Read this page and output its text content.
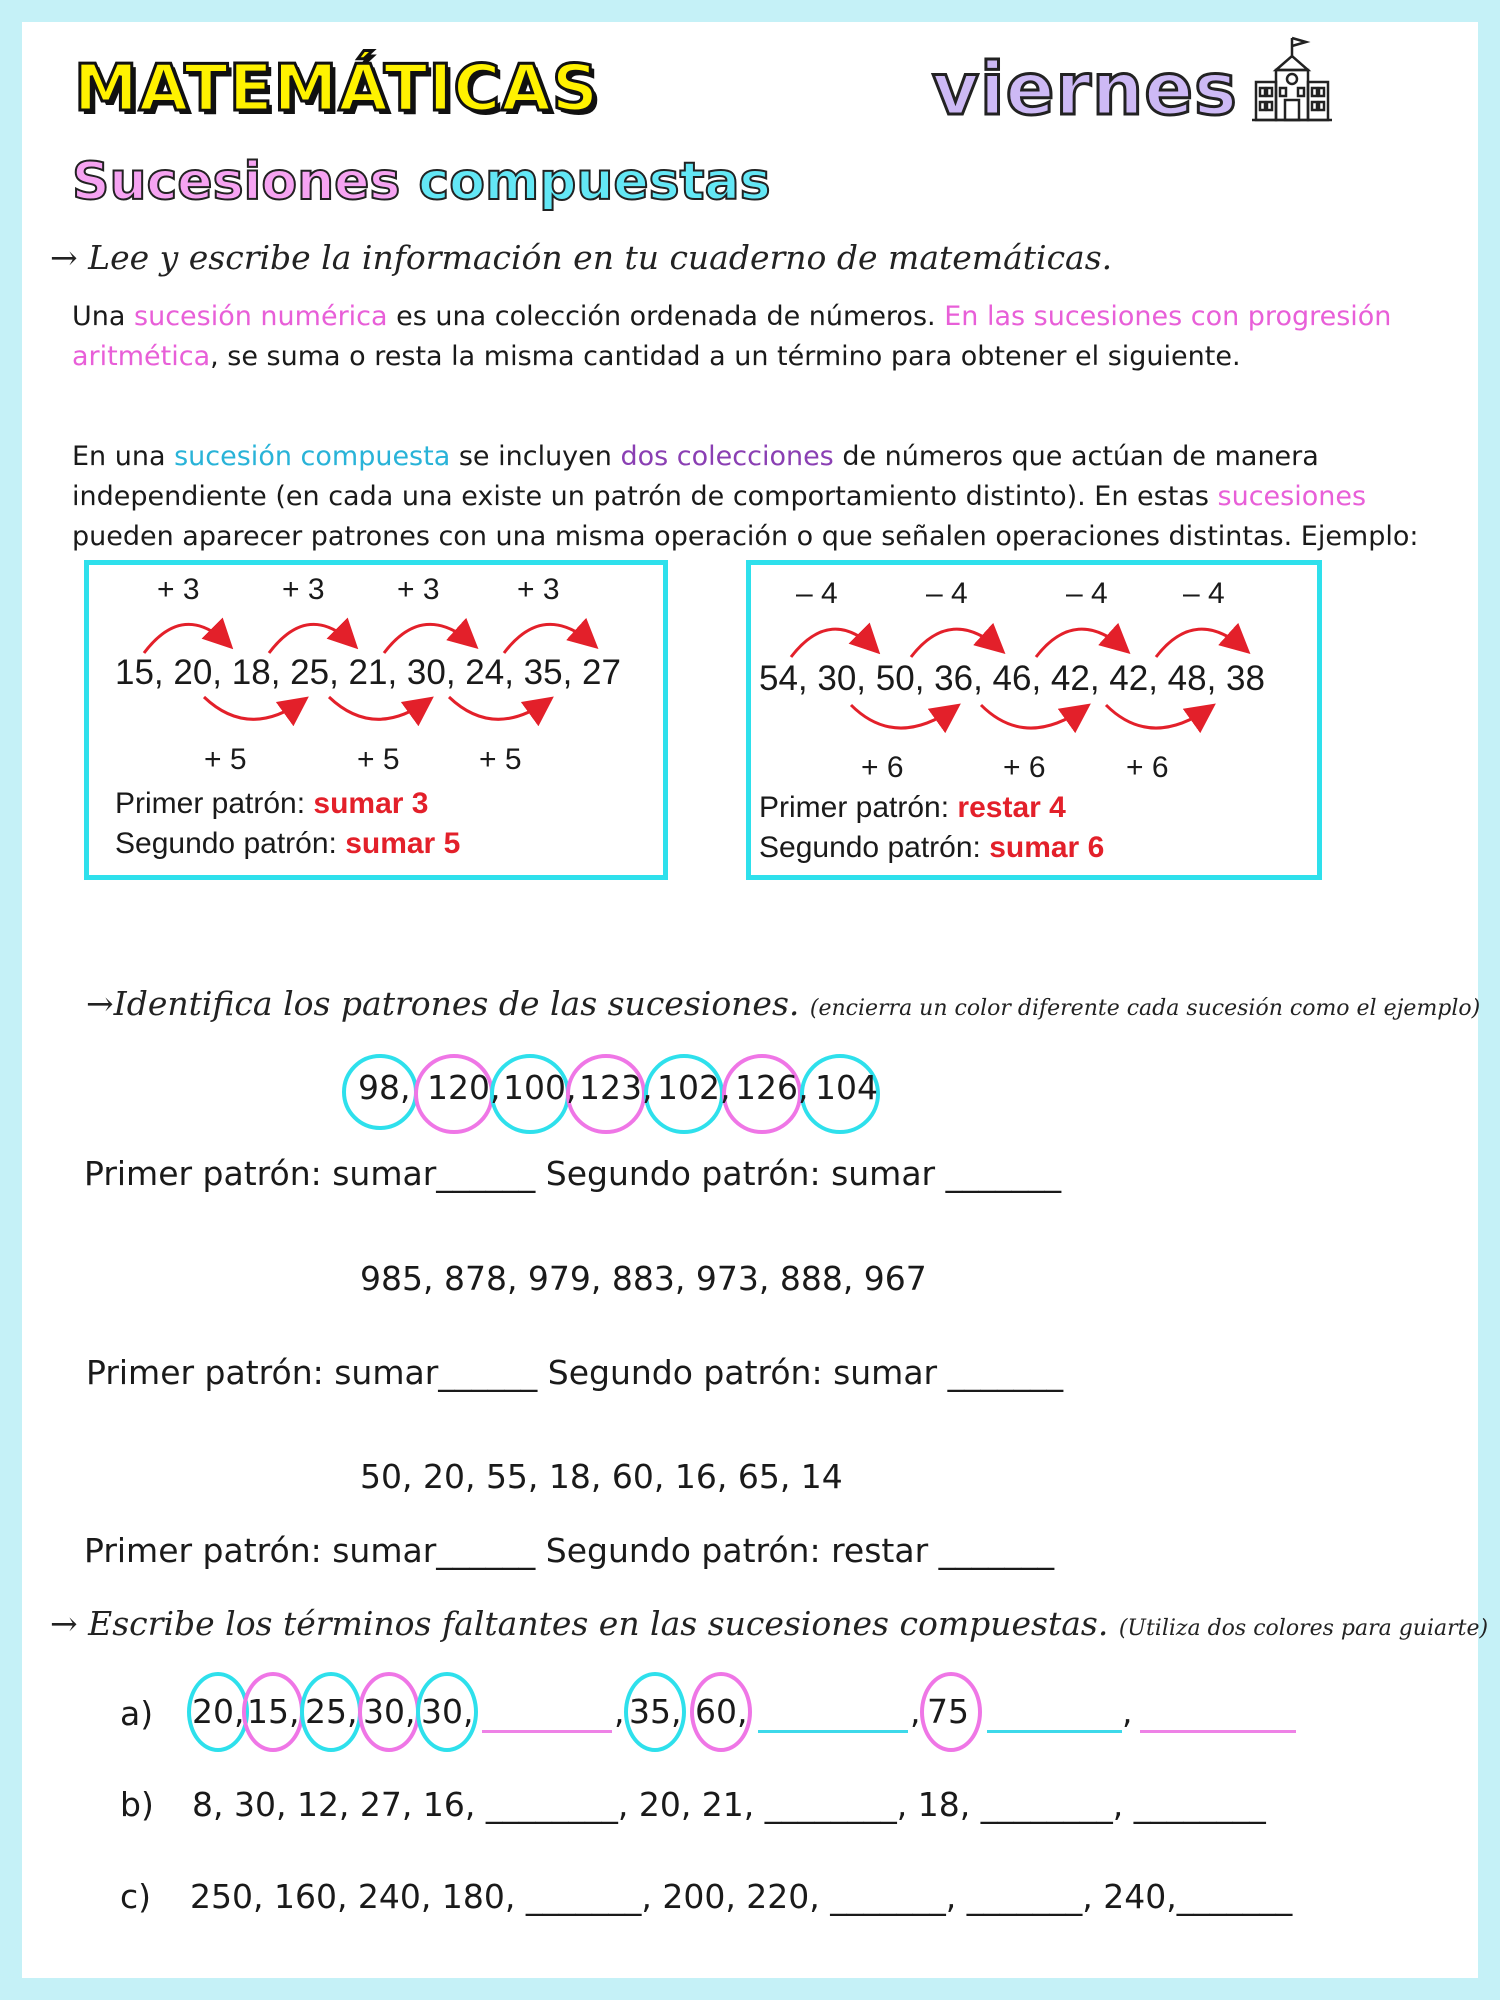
MATEMÁTICAS	viernes
Sucesiones compuestas
→ Lee y escribe la información en tu cuaderno de matemáticas.
Una sucesión numérica es una colección ordenada de números. En las sucesiones con progresión aritmética, se suma o resta la misma cantidad a un término para obtener el siguiente.
En una sucesión compuesta se incluyen dos colecciones de números que actúan de manera independiente (en cada una existe un patrón de comportamiento distinto). En estas sucesiones pueden aparecer patrones con una misma operación o que señalen operaciones distintas. Ejemplo:
+ 3	+ 3 + 3	+ 3
15, 20, 18, 25, 21, 30, 24, 35, 27
+ 5	+ 5	+ 5
Primer patrón: sumar 3
Segundo patrón: sumar 5
– 4	– 4	– 4	– 4
54, 30, 50, 36, 46, 42, 42, 48, 38
+ 6	+ 6	+ 6
Primer patrón: restar 4
Segundo patrón: sumar 6
→Identifica los patrones de las sucesiones. (encierra un color diferente cada sucesión como el ejemplo)
98, 120, 100, 123, 102, 126, 104
Primer patrón: sumar______ Segundo patrón: sumar _______
985, 878, 979, 883, 973, 888, 967
Primer patrón: sumar______ Segundo patrón: sumar _______
50, 20, 55, 18, 60, 16, 65, 14
Primer patrón: sumar______ Segundo patrón: restar _______
→ Escribe los términos faltantes en las sucesiones compuestas. (Utiliza dos colores para guiarte)
a) 20, 15, 25, 30, 30,	, 35, 60,	, 75	,
b) 8, 30, 12, 27, 16, ________, 20, 21, ________, 18, ________, ________
c) 250, 160, 240, 180, _______, 200, 220, _______, _______, 240,_______
